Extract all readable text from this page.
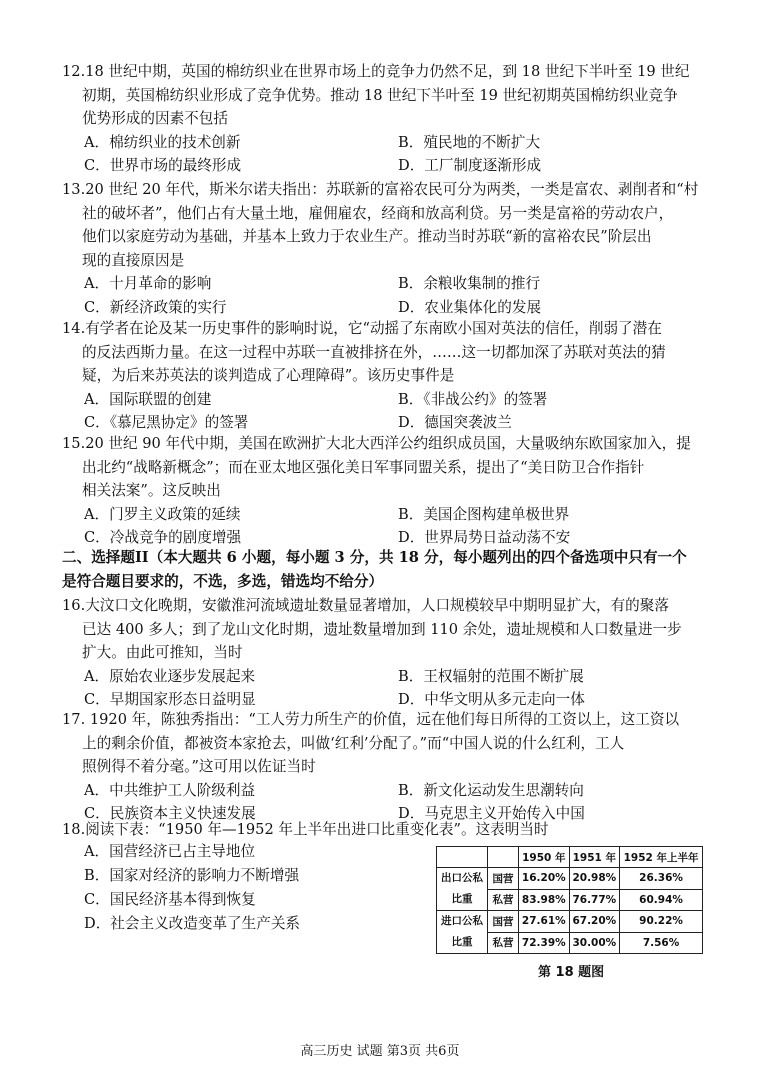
12.18 世纪中期，英国的棉纺织业在世界市场上的竞争力仍然不足，到 18 世纪下半叶至 19 世纪
初期，英国棉纺织业形成了竞争优势。推动 18 世纪下半叶至 19 世纪初期英国棉纺织业竞争
优势形成的因素不包括
A．棉纺织业的技术创新	B．殖民地的不断扩大
C．世界市场的最终形成	D．工厂制度逐渐形成
13.20 世纪 20 年代，斯米尔诺夫指出：苏联新的富裕农民可分为两类，一类是富农、剥削者和“村
社的破坏者”，他们占有大量土地，雇佣雇农，经商和放高利贷。另一类是富裕的劳动农户，
他们以家庭劳动为基础，并基本上致力于农业生产。推动当时苏联“新的富裕农民”阶层出
现的直接原因是
A．十月革命的影响	B．余粮收集制的推行
C．新经济政策的实行	D．农业集体化的发展
14.有学者在论及某一历史事件的影响时说，它“动摇了东南欧小国对英法的信任，削弱了潜在
的反法西斯力量。在这一过程中苏联一直被排挤在外，……这一切都加深了苏联对英法的猜
疑，为后来苏英法的谈判造成了心理障碍”。该历史事件是
A．国际联盟的创建	B．《非战公约》的签署
C．《慕尼黑协定》的签署	D．德国突袭波兰
15.20 世纪 90 年代中期，美国在欧洲扩大北大西洋公约组织成员国，大量吸纳东欧国家加入，提
出北约“战略新概念”；而在亚太地区强化美日军事同盟关系，提出了“美日防卫合作指针
相关法案”。这反映出
A．门罗主义政策的延续	B．美国企图构建单极世界
C．冷战竞争的剧度增强	D．世界局势日益动荡不安
二、选择题II（本大题共 6 小题，每小题 3 分，共 18 分，每小题列出的四个备选项中只有一个
是符合题目要求的，不选，多选，错选均不给分）
16.大汶口文化晚期，安徽淮河流域遗址数量显著增加，人口规模较早中期明显扩大，有的聚落
已达 400 多人；到了龙山文化时期，遗址数量增加到 110 余处，遗址规模和人口数量进一步
扩大。由此可推知，当时
A．原始农业逐步发展起来	B．王权辐射的范围不断扩展
C．早期国家形态日益明显	D．中华文明从多元走向一体
17. 1920 年，陈独秀指出：“工人劳力所生产的价值，远在他们每日所得的工资以上，这工资以
上的剩余价值，都被资本家抢去，叫做‘红利’分配了。”而“中国人说的什么红利，工人
照例得不着分毫。”这可用以佐证当时
A．中共维护工人阶级利益	B．新文化运动发生思潮转向
C．民族资本主义快速发展	D．马克思主义开始传入中国
18.阅读下表：“1950 年—1952 年上半年出进口比重变化表”。这表明当时
A．国营经济已占主导地位
B．国家对经济的影响力不断增强
C．国民经济基本得到恢复
D．社会主义改造变革了生产关系
		1950 年	1951 年	1952 年上半年

出口公私
比重	国营	16.20%	20.98%	26.36%
	私营	83.98%	76.77%	60.94%

进口公私
比重	国营	27.61%	67.20%	90.22%
	私营	72.39%	30.00%	7.56%
第 18 题图
高三历史 试题 第3页 共6页
